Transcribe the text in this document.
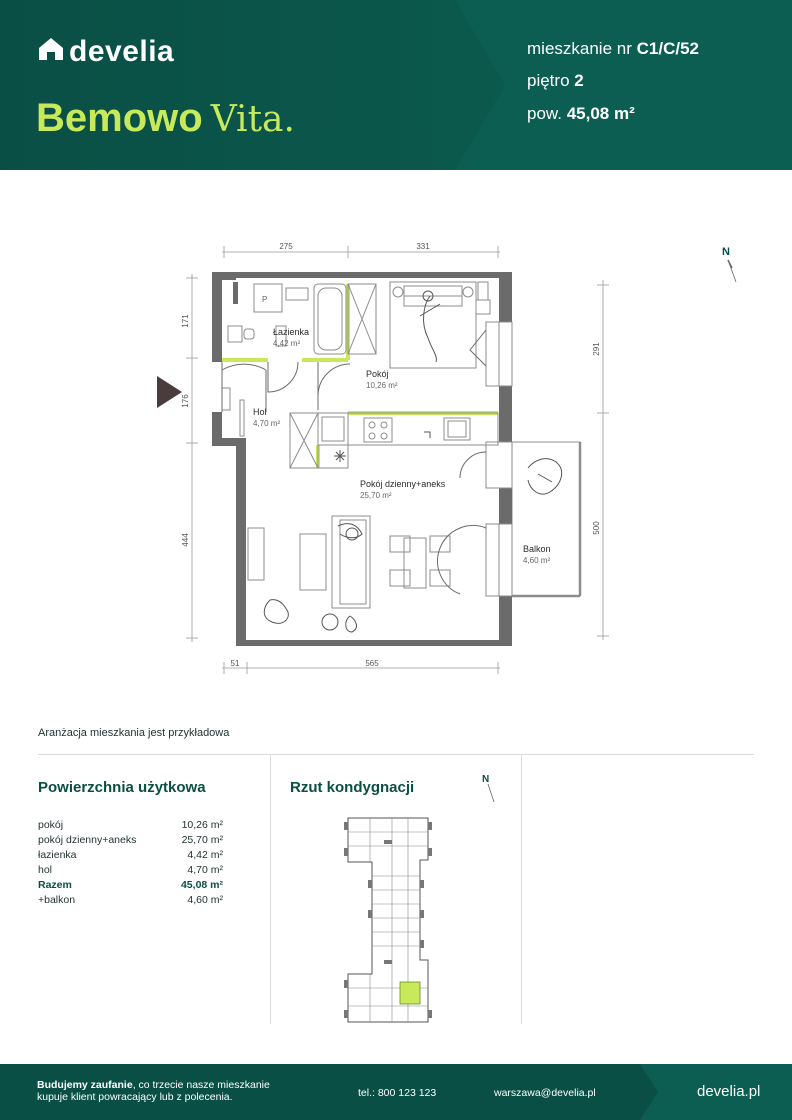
develia
Bemowo Vita.
mieszkanie nr C1/C/52
piętro 2
pow. 45,08 m²
275	331
171
176
444
291
500
51	565
Łazienka
4,42 m²
Pokój
10,26 m²
Hol
4,70 m²
Pokój dzienny+aneks
25,70 m²
Balkon
4,60 m²
P
N
Aranżacja mieszkania jest przykładowa
Powierzchnia użytkowa
pokój	10,26 m²
pokój dzienny+aneks	25,70 m²
łazienka	4,42 m²
hol	4,70 m²
Razem	45,08 m²
+balkon	4,60 m²
Rzut kondygnacji	N
Budujemy zaufanie, co trzecie nasze mieszkanie
kupuje klient powracający lub z polecenia.	tel.: 800 123 123	warszawa@develia.pl	develia.pl
